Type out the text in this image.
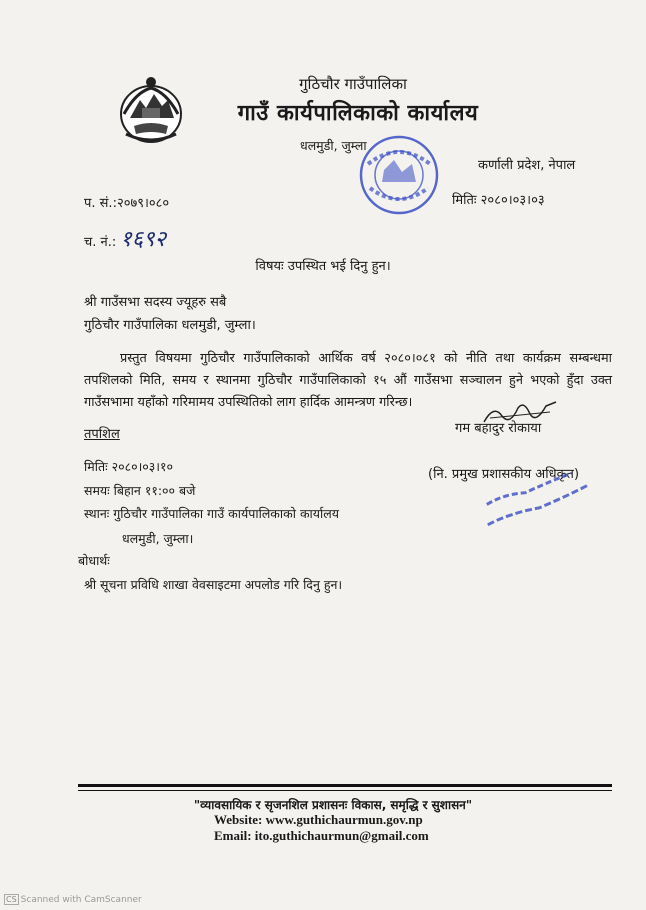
गुठिचौर गाउँपालिका
गाउँ कार्यपालिकाको कार्यालय
धलमुडी, जुम्ला
कर्णाली प्रदेश, नेपाल
प. सं.:२०७९।०८०
च. नं.: १६९२
मितिः २०८०।०३।०३
विषयः उपस्थित भई दिनु हुन।
श्री गाउँसभा सदस्य ज्यूहरु सबै
गुठिचौर गाउँपालिका धलमुडी, जुम्ला।
प्रस्तुत विषयमा गुठिचौर गाउँपालिकाको आर्थिक वर्ष २०८०।०८१ को नीति तथा कार्यक्रम सम्बन्धमा तपशिलको मिति, समय र स्थानमा गुठिचौर गाउँपालिकाको १५ औं गाउँसभा सञ्चालन हुने भएको हुँदा उक्त गाउँसभामा यहाँको गरिमामय उपस्थितिको लाग हार्दिक आमन्त्रण गरिन्छ।
गम बहादुर रोकाया
(नि. प्रमुख प्रशासकीय अधिकृत)
तपशिल
मितिः २०८०।०३।१०
समयः बिहान ११:०० बजे
स्थानः गुठिचौर गाउँपालिका गाउँ कार्यपालिकाको कार्यालय
धलमुडी, जुम्ला।
बोधार्थः
श्री सूचना प्रविधि शाखा वेवसाइटमा अपलोड गरि दिनु हुन।
"व्यावसायिक र सृजनशिल प्रशासनः विकास, समृद्धि र सुशासन"
Website: www.guthichaurmun.gov.np
Email: ito.guthichaurmun@gmail.com
CS Scanned with CamScanner
